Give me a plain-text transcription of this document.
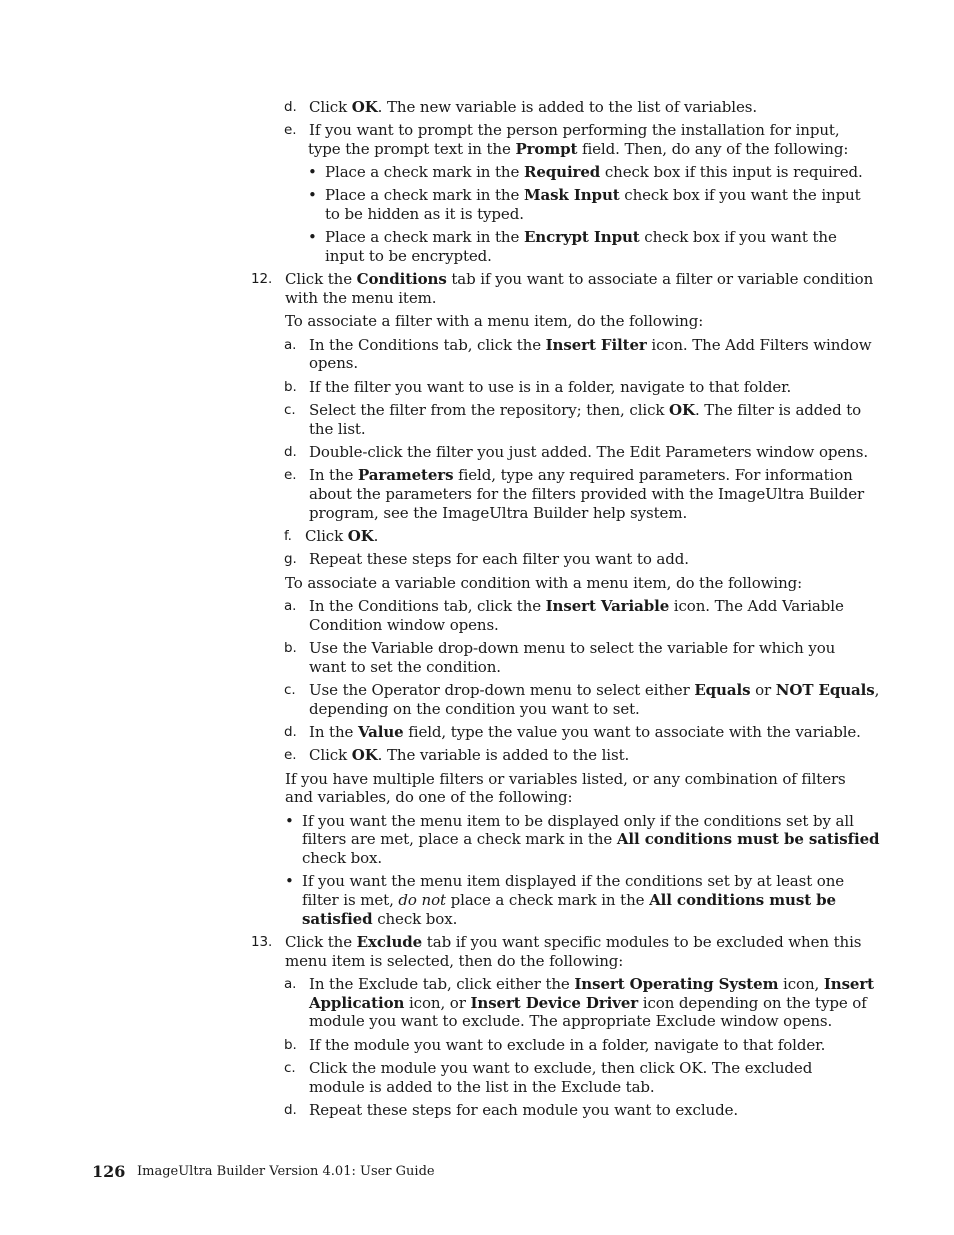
d. Click OK. The new variable is added to the list of variables.
e. If you want to prompt the person performing the installation for input,
type the prompt text in the Prompt field. Then, do any of the following:
• Place a check mark in the Required check box if this input is required.
• Place a check mark in the Mask Input check box if you want the input
to be hidden as it is typed.
• Place a check mark in the Encrypt Input check box if you want the
input to be encrypted.
12. Click the Conditions tab if you want to associate a filter or variable condition
with the menu item.
To associate a filter with a menu item, do the following:
a. In the Conditions tab, click the Insert Filter icon. The Add Filters window
opens.
b. If the filter you want to use is in a folder, navigate to that folder.
c. Select the filter from the repository; then, click OK. The filter is added to
the list.
d. Double-click the filter you just added. The Edit Parameters window opens.
e. In the Parameters field, type any required parameters. For information
about the parameters for the filters provided with the ImageUltra Builder
program, see the ImageUltra Builder help system.
f. Click OK.
g. Repeat these steps for each filter you want to add.
To associate a variable condition with a menu item, do the following:
a. In the Conditions tab, click the Insert Variable icon. The Add Variable
Condition window opens.
b. Use the Variable drop-down menu to select the variable for which you
want to set the condition.
c. Use the Operator drop-down menu to select either Equals or NOT Equals,
depending on the condition you want to set.
d. In the Value field, type the value you want to associate with the variable.
e. Click OK. The variable is added to the list.
If you have multiple filters or variables listed, or any combination of filters
and variables, do one of the following:
• If you want the menu item to be displayed only if the conditions set by all
filters are met, place a check mark in the All conditions must be satisfied
check box.
• If you want the menu item displayed if the conditions set by at least one
filter is met, do not place a check mark in the All conditions must be
satisfied check box.
13. Click the Exclude tab if you want specific modules to be excluded when this
menu item is selected, then do the following:
a. In the Exclude tab, click either the Insert Operating System icon, Insert
Application icon, or Insert Device Driver icon depending on the type of
module you want to exclude. The appropriate Exclude window opens.
b. If the module you want to exclude in a folder, navigate to that folder.
c. Click the module you want to exclude, then click OK. The excluded
module is added to the list in the Exclude tab.
d. Repeat these steps for each module you want to exclude.
126 ImageUltra Builder Version 4.01: User Guide
